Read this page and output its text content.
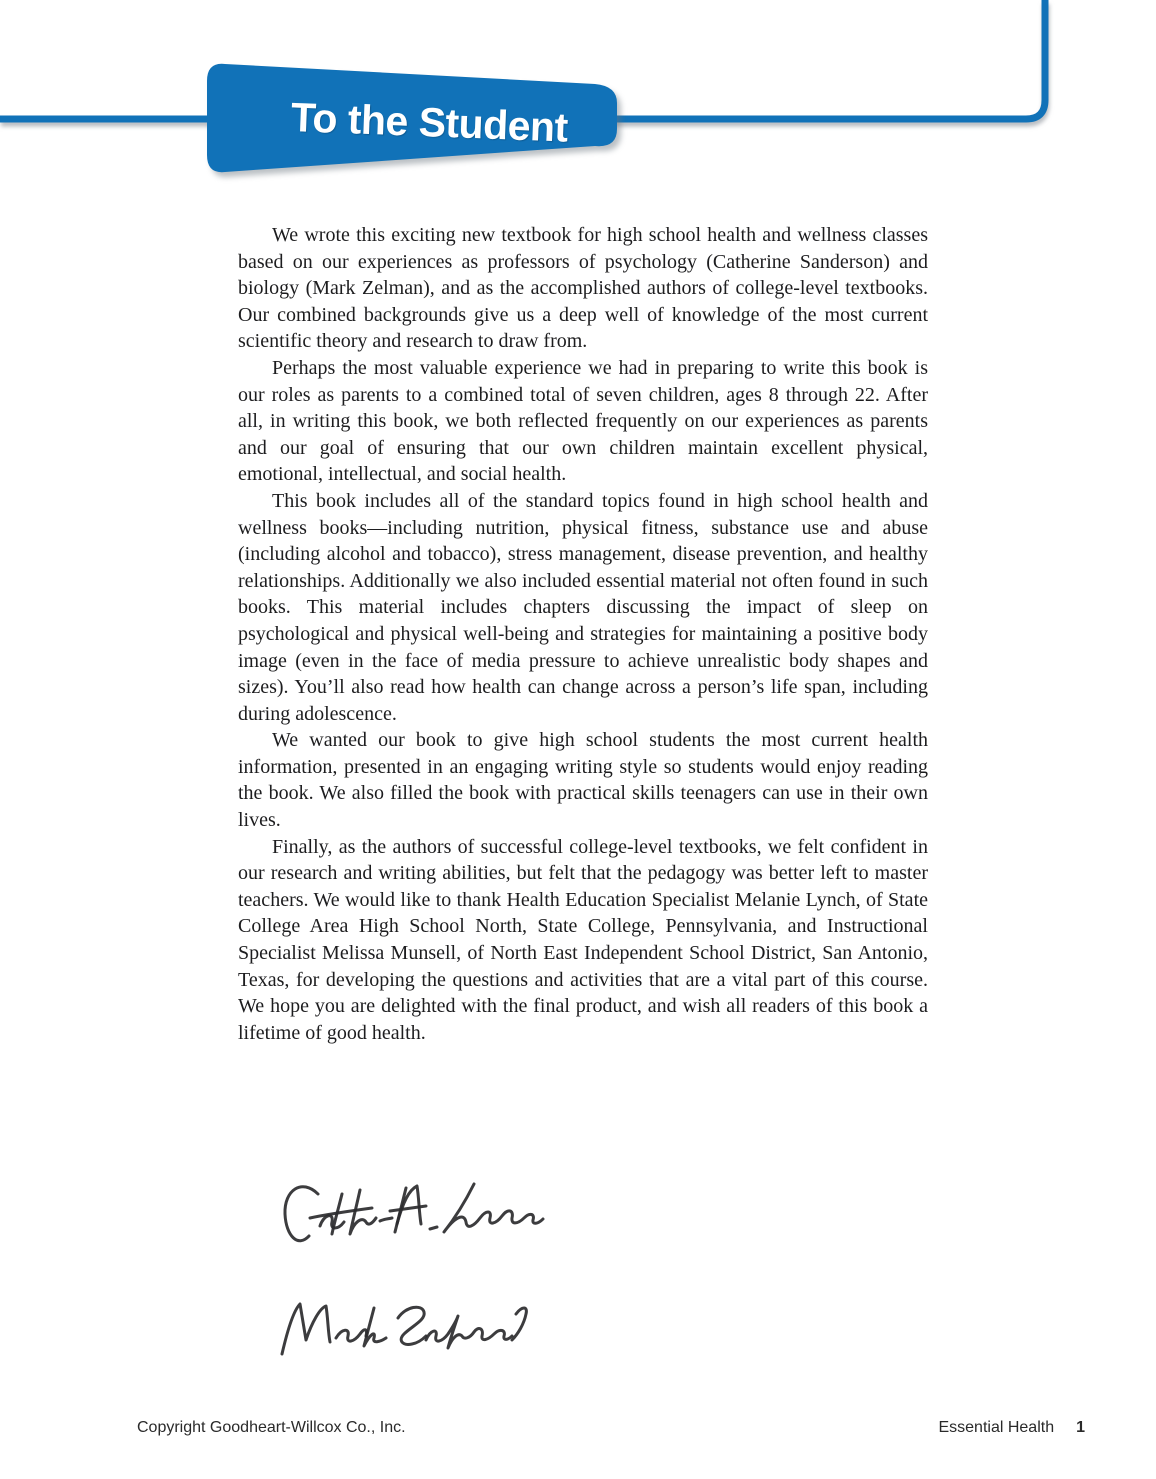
To the Student

We wrote this exciting new textbook for high school health and wellness classes based on our experiences as professors of psychology (Catherine Sanderson) and biology (Mark Zelman), and as the accomplished authors of college-level textbooks. Our combined backgrounds give us a deep well of knowledge of the most current scientific theory and research to draw from.

Perhaps the most valuable experience we had in preparing to write this book is our roles as parents to a combined total of seven children, ages 8 through 22. After all, in writing this book, we both reflected frequently on our experiences as parents and our goal of ensuring that our own children maintain excellent physical, emotional, intellectual, and social health.

This book includes all of the standard topics found in high school health and wellness books—including nutrition, physical fitness, substance use and abuse (including alcohol and tobacco), stress management, disease prevention, and healthy relationships. Additionally we also included essential material not often found in such books. This material includes chapters discussing the impact of sleep on psychological and physical well-being and strategies for maintaining a positive body image (even in the face of media pressure to achieve unrealistic body shapes and sizes). You’ll also read how health can change across a person’s life span, including during adolescence.

We wanted our book to give high school students the most current health information, presented in an engaging writing style so students would enjoy reading the book. We also filled the book with practical skills teenagers can use in their own lives.

Finally, as the authors of successful college-level textbooks, we felt confident in our research and writing abilities, but felt that the pedagogy was better left to master teachers. We would like to thank Health Education Specialist Melanie Lynch, of State College Area High School North, State College, Pennsylvania, and Instructional Specialist Melissa Munsell, of North East Independent School District, San Antonio, Texas, for developing the questions and activities that are a vital part of this course. We hope you are delighted with the final product, and wish all readers of this book a lifetime of good health.

Copyright Goodheart-Willcox Co., Inc.	Essential Health 1
